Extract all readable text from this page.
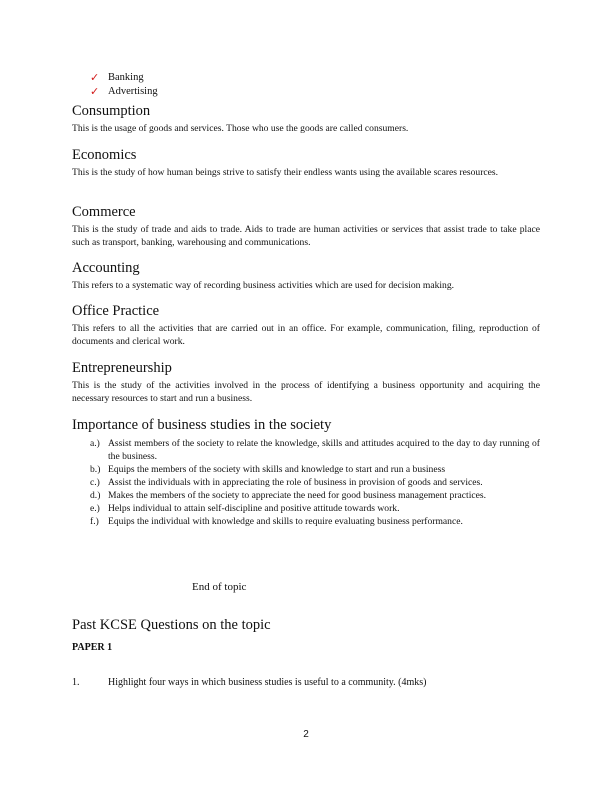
✓ Banking
✓ Advertising
Consumption

This is the usage of goods and services. Those who use the goods are called consumers.

Economics

This is the study of how human beings strive to satisfy their endless wants using the available scares resources.

Commerce

This is the study of trade and aids to trade. Aids to trade are human activities or services that assist trade to take place such as transport, banking, warehousing and communications.

Accounting

This refers to a systematic way of recording business activities which are used for decision making.

Office Practice

This refers to all the activities that are carried out in an office. For example, communication, filing, reproduction of documents and clerical work.

Entrepreneurship

This is the study of the activities involved in the process of identifying a business opportunity and acquiring the necessary resources to start and run a business.

Importance of business studies in the society
a.) Assist members of the society to relate the knowledge, skills and attitudes acquired to the day to day running of the business.
b.) Equips the members of the society with skills and knowledge to start and run a business
c.) Assist the individuals with in appreciating the role of business in provision of goods and services.
d.) Makes the members of the society to appreciate the need for good business management practices.
e.) Helps individual to attain self-discipline and positive attitude towards work.
f.) Equips the individual with knowledge and skills to require evaluating business performance.
End of topic
Past KCSE Questions on the topic
PAPER 1
1.	Highlight four ways in which business studies is useful to a community. (4mks)
2
